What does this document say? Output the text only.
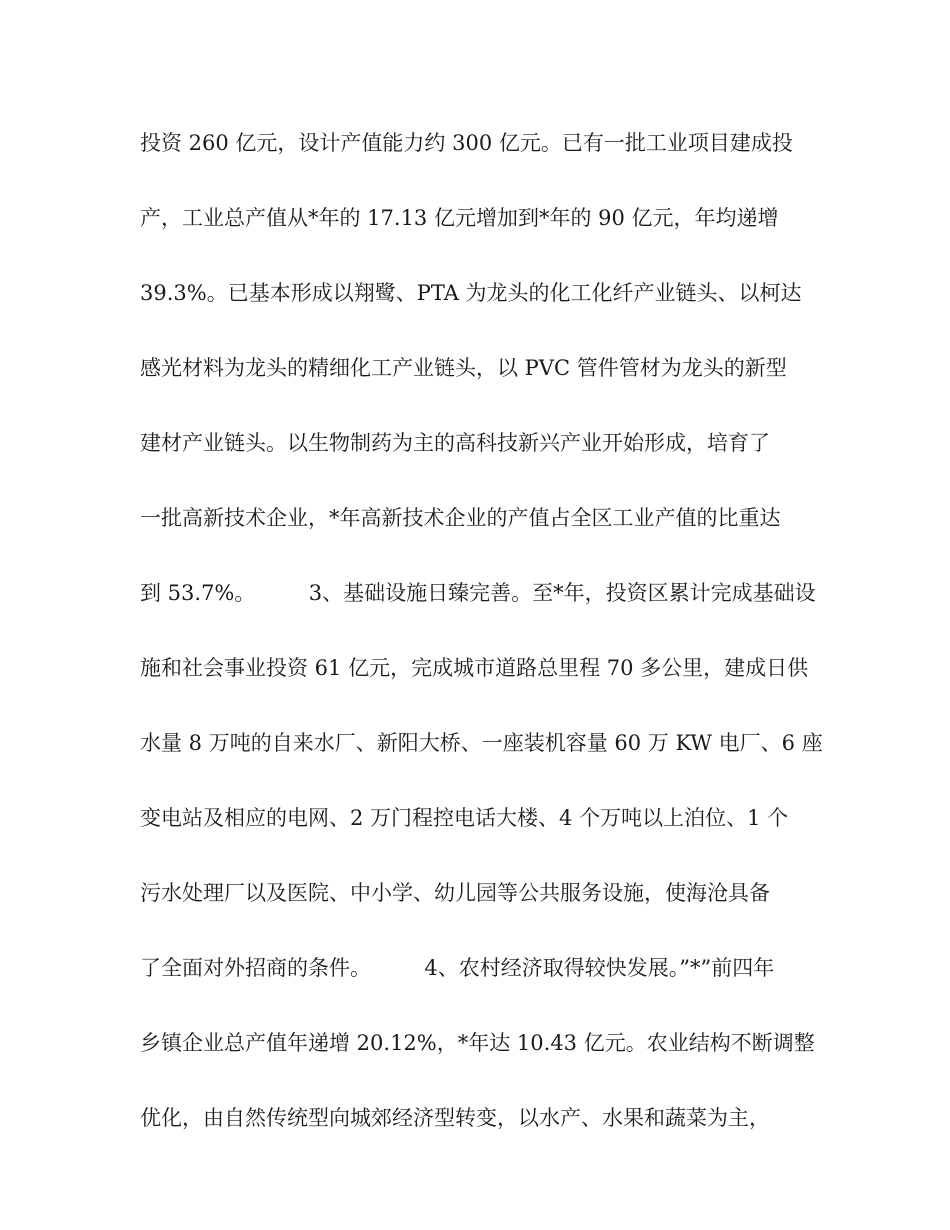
投资 260 亿元，设计产值能力约 300 亿元。已有一批工业项目建成投
产，工业总产值从*年的 17.13 亿元增加到*年的 90 亿元，年均递增
39.3%。已基本形成以翔鹭、PTA 为龙头的化工化纤产业链头、以柯达
感光材料为龙头的精细化工产业链头，以 PVC 管件管材为龙头的新型
建材产业链头。以生物制药为主的高科技新兴产业开始形成，培育了
一批高新技术企业，*年高新技术企业的产值占全区工业产值的比重达
到 53.7%。        3、基础设施日臻完善。至*年，投资区累计完成基础设
施和社会事业投资 61 亿元，完成城市道路总里程 70 多公里，建成日供
水量 8 万吨的自来水厂、新阳大桥、一座装机容量 60 万 KW 电厂、6 座
变电站及相应的电网、2 万门程控电话大楼、4 个万吨以上泊位、1 个
污水处理厂以及医院、中小学、幼儿园等公共服务设施，使海沧具备
了全面对外招商的条件。        4、农村经济取得较快发展。”*”前四年
乡镇企业总产值年递增 20.12%，*年达 10.43 亿元。农业结构不断调整
优化，由自然传统型向城郊经济型转变，以水产、水果和蔬菜为主，
